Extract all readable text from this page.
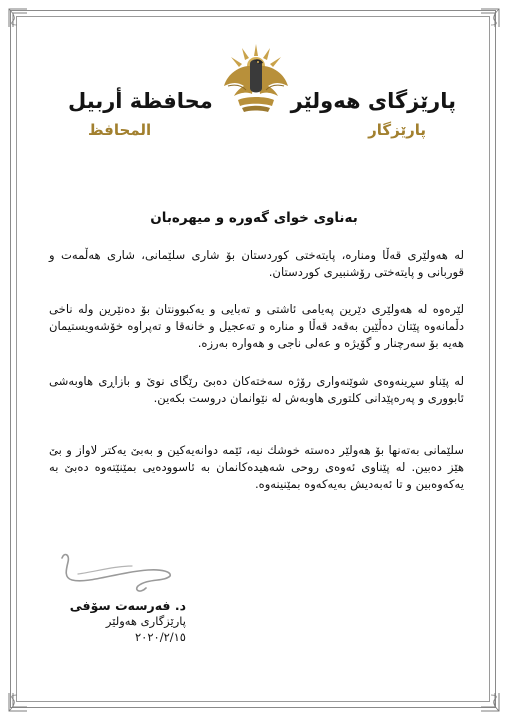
پارێزگای هەولێر
پارێزگار
محافظة أربيل
المحافظ
بەناوی خوای گەورە و میهرەبان
لە هەولێری قەڵا ومنارە، پایتەختی کوردستان بۆ شاری سلێمانی، شاری هەڵمەت و قوربانی و پایتەختی رۆشنبیری کوردستان.
لێرەوە لە هەولێری دێرین پەیامی ئاشتی و تەبایی و یەکبوونتان بۆ دەنێرین ولە ناخی دڵمانەوە پێتان دەڵێین بەقەد قەڵا و منارە و تەعجیل و خانەقا و تەپراوە خۆشەویستیمان هەیە بۆ سەرچنار و گۆیژە و عەلی ناجی و هەوارە بەرزە.
لە پێناو سڕینەوەی شوێنەواری رۆژە سەختەکان دەبێ رێگای نوێ و بازاڕی هاوبەشی ئابووری و پەرەپێدانی کلتوری هاوبەش لە نێوانمان دروست بکەین.
سلێمانی بەتەنها بۆ هەولێر دەستە خوشك نیە، ئێمە دوانەیەکین و بەبێ یەکتر لاواز و بێ هێز دەبین. لە پێناوی ئەوەی روحی شەهیدەکانمان بە ئاسوودەیی بمێنێتەوە دەبێ بە یەکەوەبین و تا ئەبەدیش بەیەکەوە بمێنینەوە.
د. فەرسەت سۆفی
پارێزگاری هەولێر
٢٠٢٠/٢/١٥
